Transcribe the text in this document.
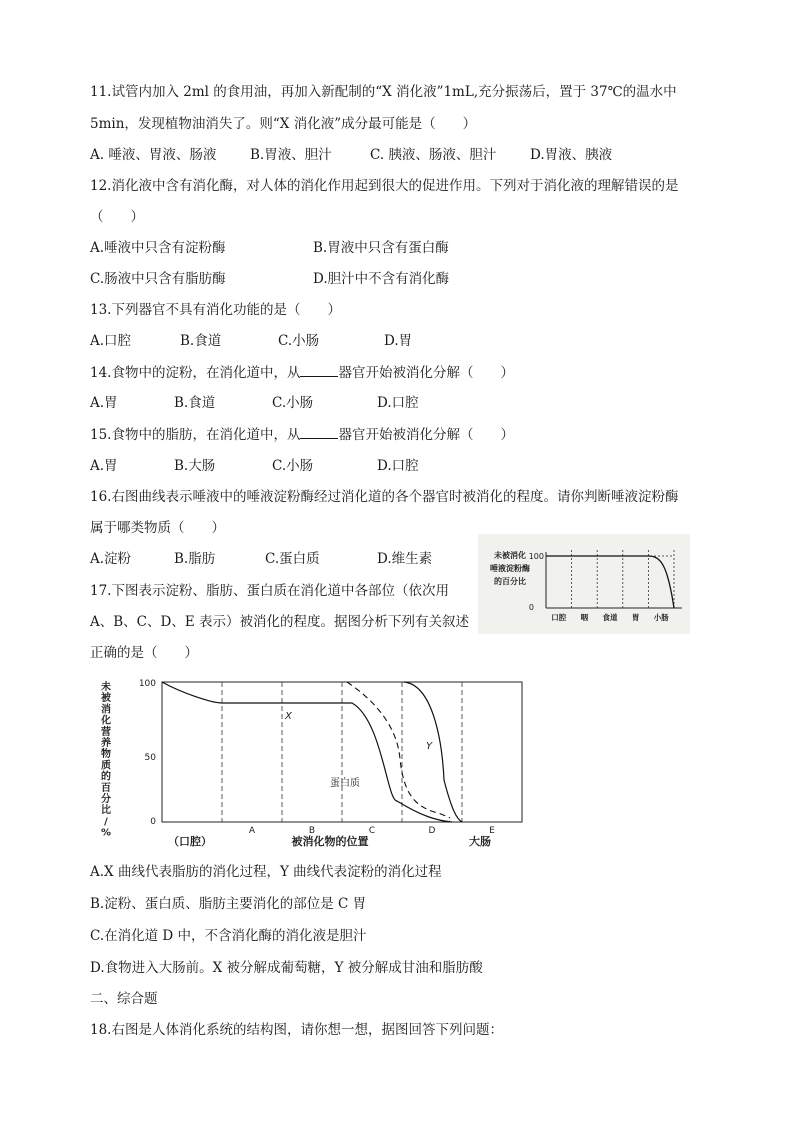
11.试管内加入 2ml 的食用油，再加入新配制的“X 消化液”1mL,充分振荡后，置于 37℃的温水中
5min，发现植物油消失了。则“X 消化液”成分最可能是（　　）
A. 唾液、胃液、肠液 B.胃液、胆汁	C. 胰液、肠液、胆汁 D.胃液、胰液
12.消化液中含有消化酶，对人体的消化作用起到很大的促进作用。下列对于消化液的理解错误的是
（　　）
A.唾液中只含有淀粉酶	B.胃液中只含有蛋白酶
C.肠液中只含有脂肪酶	D.胆汁中不含有消化酶
13.下列器官不具有消化功能的是（　　）
A.口腔	B.食道	C.小肠	D.胃
14.食物中的淀粉，在消化道中，从	器官开始被消化分解（　　）
A.胃	B.食道	C.小肠	D.口腔
15.食物中的脂肪，在消化道中，从	器官开始被消化分解（　　）
A.胃	B.大肠	C.小肠	D.口腔
16.右图曲线表示唾液中的唾液淀粉酶经过消化道的各个器官时被消化的程度。请你判断唾液淀粉酶
属于哪类物质（　　）
A.淀粉	B.脂肪	C.蛋白质	D.维生素	未被消化
唾液淀粉酶
的百分比
100
0
口腔 咽 食道 胃 小肠
17.下图表示淀粉、脂肪、蛋白质在消化道中各部位（依次用
A、B、C、D、E 表示）被消化的程度。据图分析下列有关叙述
正确的是（　　）
未
被
消
化
营
养
物
质
的
百
分
比
/
%
100
50
0
X
Y
蛋白质
（口腔）
A	B	C	D	E
被消化物的位置	大肠
A.X 曲线代表脂肪的消化过程，Y 曲线代表淀粉的消化过程
B.淀粉、蛋白质、脂肪主要消化的部位是 C 胃
C.在消化道 D 中，不含消化酶的消化液是胆汁
D.食物进入大肠前。X 被分解成葡萄糖，Y 被分解成甘油和脂肪酸
二、综合题
18.右图是人体消化系统的结构图，请你想一想，据图回答下列问题：
